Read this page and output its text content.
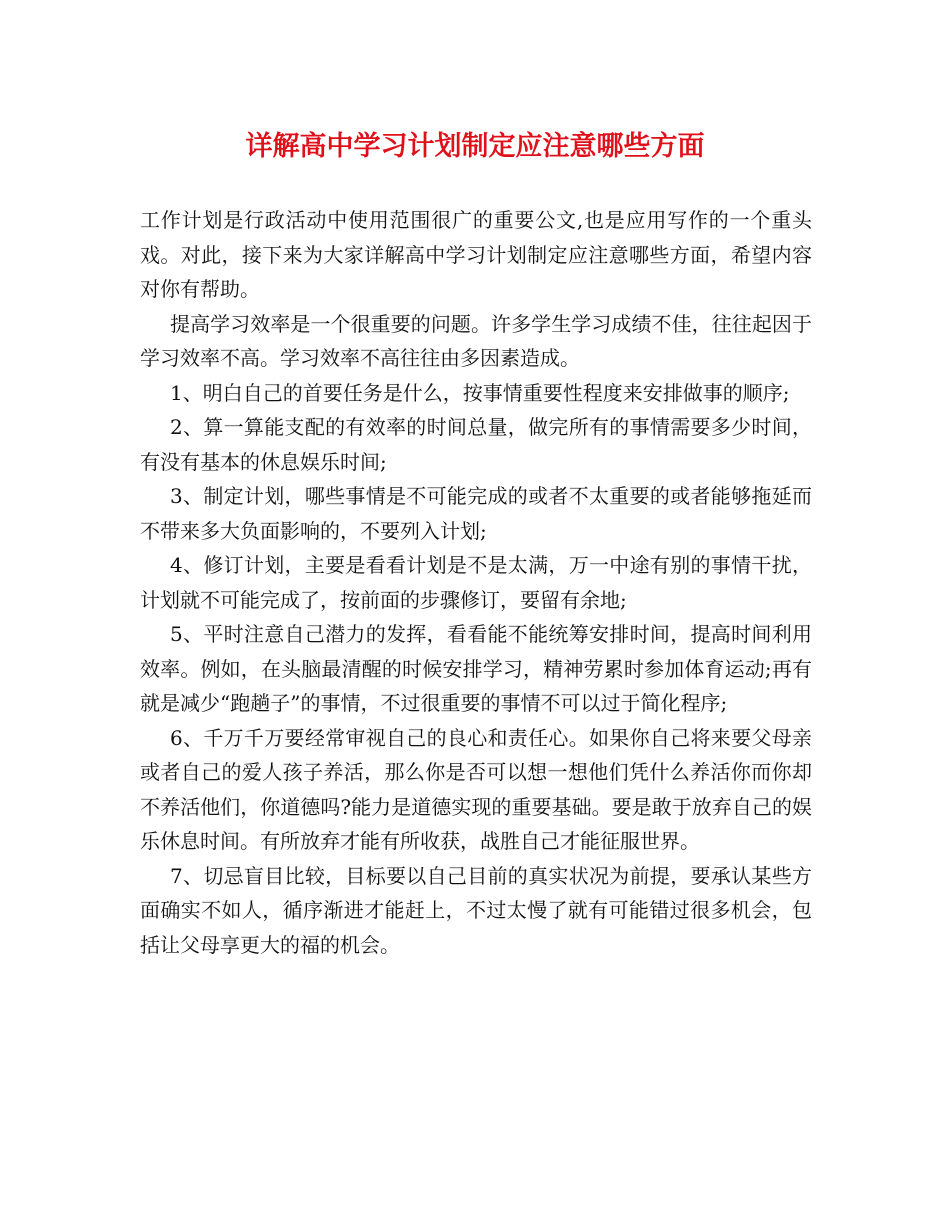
详解高中学习计划制定应注意哪些方面

工作计划是行政活动中使用范围很广的重要公文,也是应用写作的一个重头戏。对此，接下来为大家详解高中学习计划制定应注意哪些方面，希望内容对你有帮助。

提高学习效率是一个很重要的问题。许多学生学习成绩不佳，往往起因于学习效率不高。学习效率不高往往由多因素造成。

1、明白自己的首要任务是什么，按事情重要性程度来安排做事的顺序;

2、算一算能支配的有效率的时间总量，做完所有的事情需要多少时间，有没有基本的休息娱乐时间;

3、制定计划，哪些事情是不可能完成的或者不太重要的或者能够拖延而不带来多大负面影响的，不要列入计划;

4、修订计划，主要是看看计划是不是太满，万一中途有别的事情干扰，计划就不可能完成了，按前面的步骤修订，要留有余地;

5、平时注意自己潜力的发挥，看看能不能统筹安排时间，提高时间利用效率。例如，在头脑最清醒的时候安排学习，精神劳累时参加体育运动;再有就是减少“跑趟子”的事情，不过很重要的事情不可以过于简化程序;

6、千万千万要经常审视自己的良心和责任心。如果你自己将来要父母亲或者自己的爱人孩子养活，那么你是否可以想一想他们凭什么养活你而你却不养活他们，你道德吗?能力是道德实现的重要基础。要是敢于放弃自己的娱乐休息时间。有所放弃才能有所收获，战胜自己才能征服世界。

7、切忌盲目比较，目标要以自己目前的真实状况为前提，要承认某些方面确实不如人，循序渐进才能赶上，不过太慢了就有可能错过很多机会，包括让父母享更大的福的机会。
